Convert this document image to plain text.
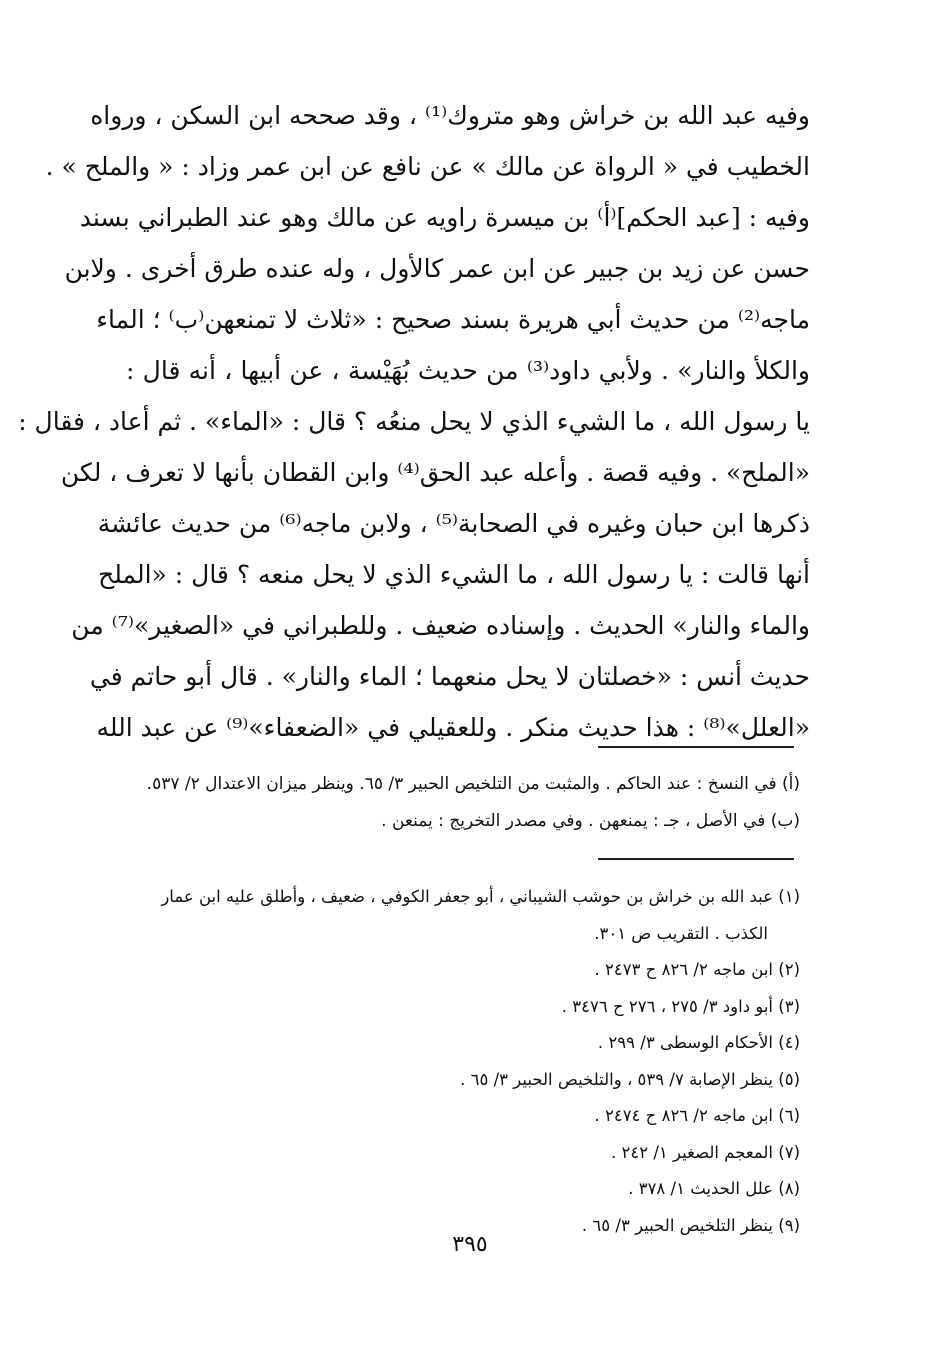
وفيه عبد الله بن خراش وهو متروك⁽¹⁾ ، وقد صححه ابن السكن ، ورواه
الخطيب في « الرواة عن مالك » عن نافع عن ابن عمر وزاد : « والملح » .
وفيه : [عبد الحكم]⁽أ⁾ بن ميسرة راويه عن مالك وهو عند الطبراني بسند
حسن عن زيد بن جبير عن ابن عمر كالأول ، وله عنده طرق أخرى . ولابن
ماجه⁽²⁾ من حديث أبي هريرة بسند صحيح : «ثلاث لا تمنعهن⁽ب⁾ ؛ الماء
والكلأ والنار» . ولأبي داود⁽³⁾ من حديث بُهَيْسة ، عن أبيها ، أنه قال :
يا رسول الله ، ما الشيء الذي لا يحل منعُه ؟ قال : «الماء» . ثم أعاد ، فقال :
«الملح» . وفيه قصة . وأعله عبد الحق⁽⁴⁾ وابن القطان بأنها لا تعرف ، لكن
ذكرها ابن حبان وغيره في الصحابة⁽⁵⁾ ، ولابن ماجه⁽⁶⁾ من حديث عائشة
أنها قالت : يا رسول الله ، ما الشيء الذي لا يحل منعه ؟ قال : «الملح
والماء والنار» الحديث . وإسناده ضعيف . وللطبراني في «الصغير»⁽⁷⁾ من
حديث أنس : «خصلتان لا يحل منعهما ؛ الماء والنار» . قال أبو حاتم في
«العلل»⁽⁸⁾ : هذا حديث منكر . وللعقيلي في «الضعفاء»⁽⁹⁾ عن عبد الله
(أ) في النسخ : عند الحاكم . والمثبت من التلخيص الحبير ٣/ ٦٥. وينظر ميزان الاعتدال ٢/ ٥٣٧.
(ب) في الأصل ، جـ : يمنعهن . وفي مصدر التخريج : يمنعن .
(١) عبد الله بن خراش بن حوشب الشيباني ، أبو جعفر الكوفي ، ضعيف ، وأطلق عليه ابن عمار
الكذب . التقريب ص ٣٠١.
(٢) ابن ماجه ٢/ ٨٢٦ ح ٢٤٧٣ .
(٣) أبو داود ٣/ ٢٧٥ ، ٢٧٦ ح ٣٤٧٦ .
(٤) الأحكام الوسطى ٣/ ٢٩٩ .
(٥) ينظر الإصابة ٧/ ٥٣٩ ، والتلخيص الحبير ٣/ ٦٥ .
(٦) ابن ماجه ٢/ ٨٢٦ ح ٢٤٧٤ .
(٧) المعجم الصغير ١/ ٢٤٢ .
(٨) علل الحديث ١/ ٣٧٨ .
(٩) ينظر التلخيص الحبير ٣/ ٦٥ .
٣٩٥
